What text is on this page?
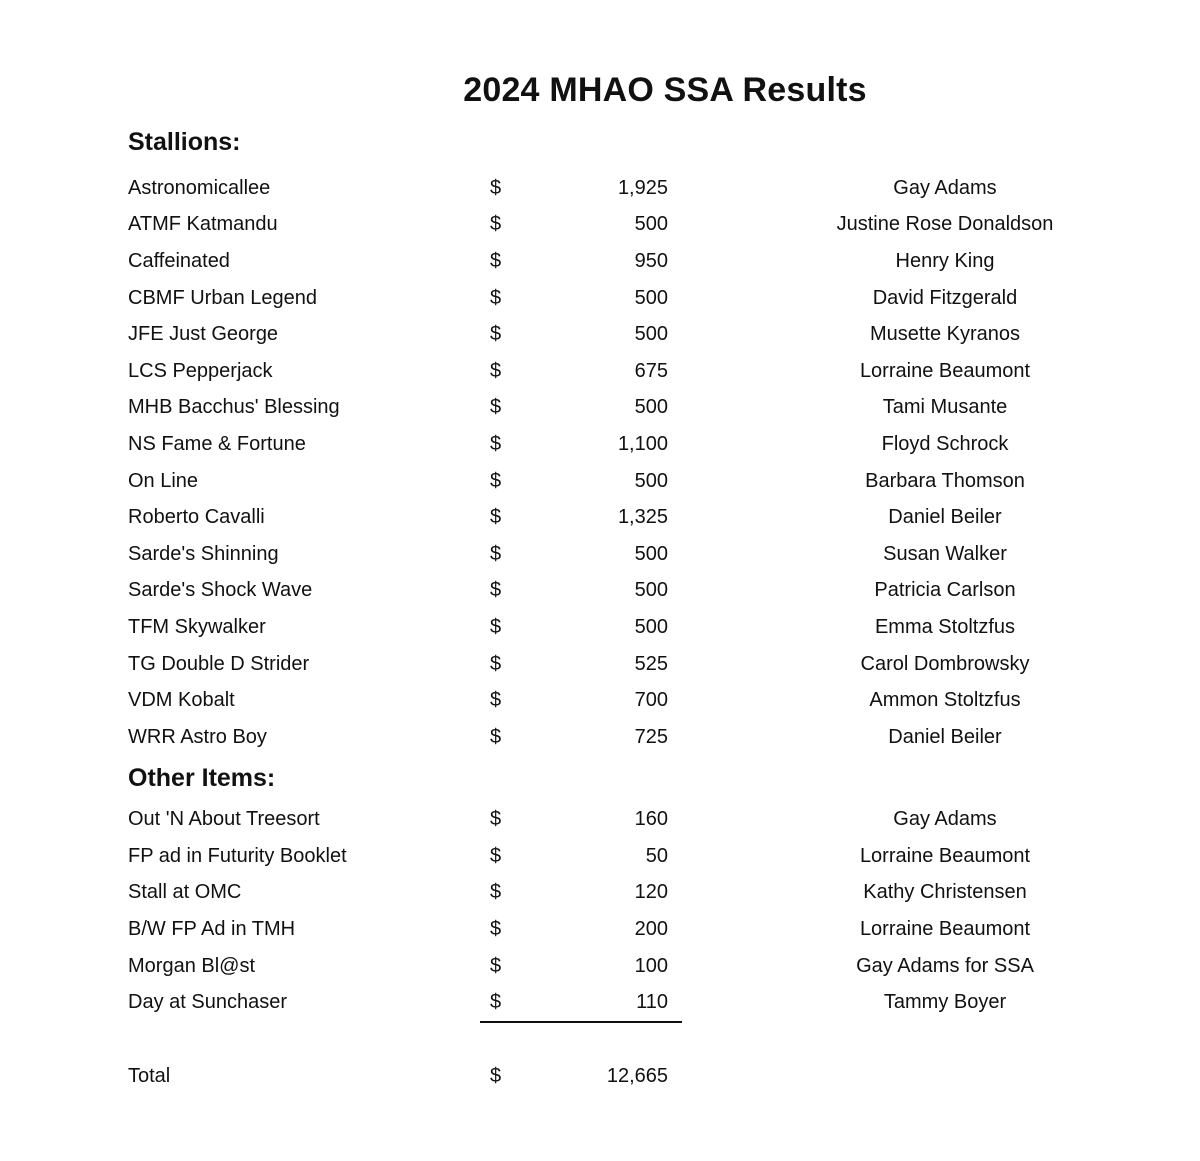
2024 MHAO SSA Results
Stallions:
Astronomicallee	$	1,925	Gay Adams
ATMF Katmandu	$	500	Justine Rose Donaldson
Caffeinated	$	950	Henry King
CBMF Urban Legend	$	500	David Fitzgerald
JFE Just George	$	500	Musette Kyranos
LCS Pepperjack	$	675	Lorraine Beaumont
MHB Bacchus' Blessing	$	500	Tami Musante
NS Fame & Fortune	$	1,100	Floyd Schrock
On Line	$	500	Barbara Thomson
Roberto Cavalli	$	1,325	Daniel Beiler
Sarde's Shinning	$	500	Susan Walker
Sarde's Shock Wave	$	500	Patricia Carlson
TFM Skywalker	$	500	Emma Stoltzfus
TG Double D Strider	$	525	Carol Dombrowsky
VDM Kobalt	$	700	Ammon Stoltzfus
WRR Astro Boy	$	725	Daniel Beiler
Other Items:
Out 'N About Treesort	$	160	Gay Adams
FP ad in Futurity Booklet	$	50	Lorraine Beaumont
Stall at OMC	$	120	Kathy Christensen
B/W FP Ad in TMH	$	200	Lorraine Beaumont
Morgan Bl@st	$	100	Gay Adams for SSA
Day at Sunchaser	$	110	Tammy Boyer
Total	$	12,665
